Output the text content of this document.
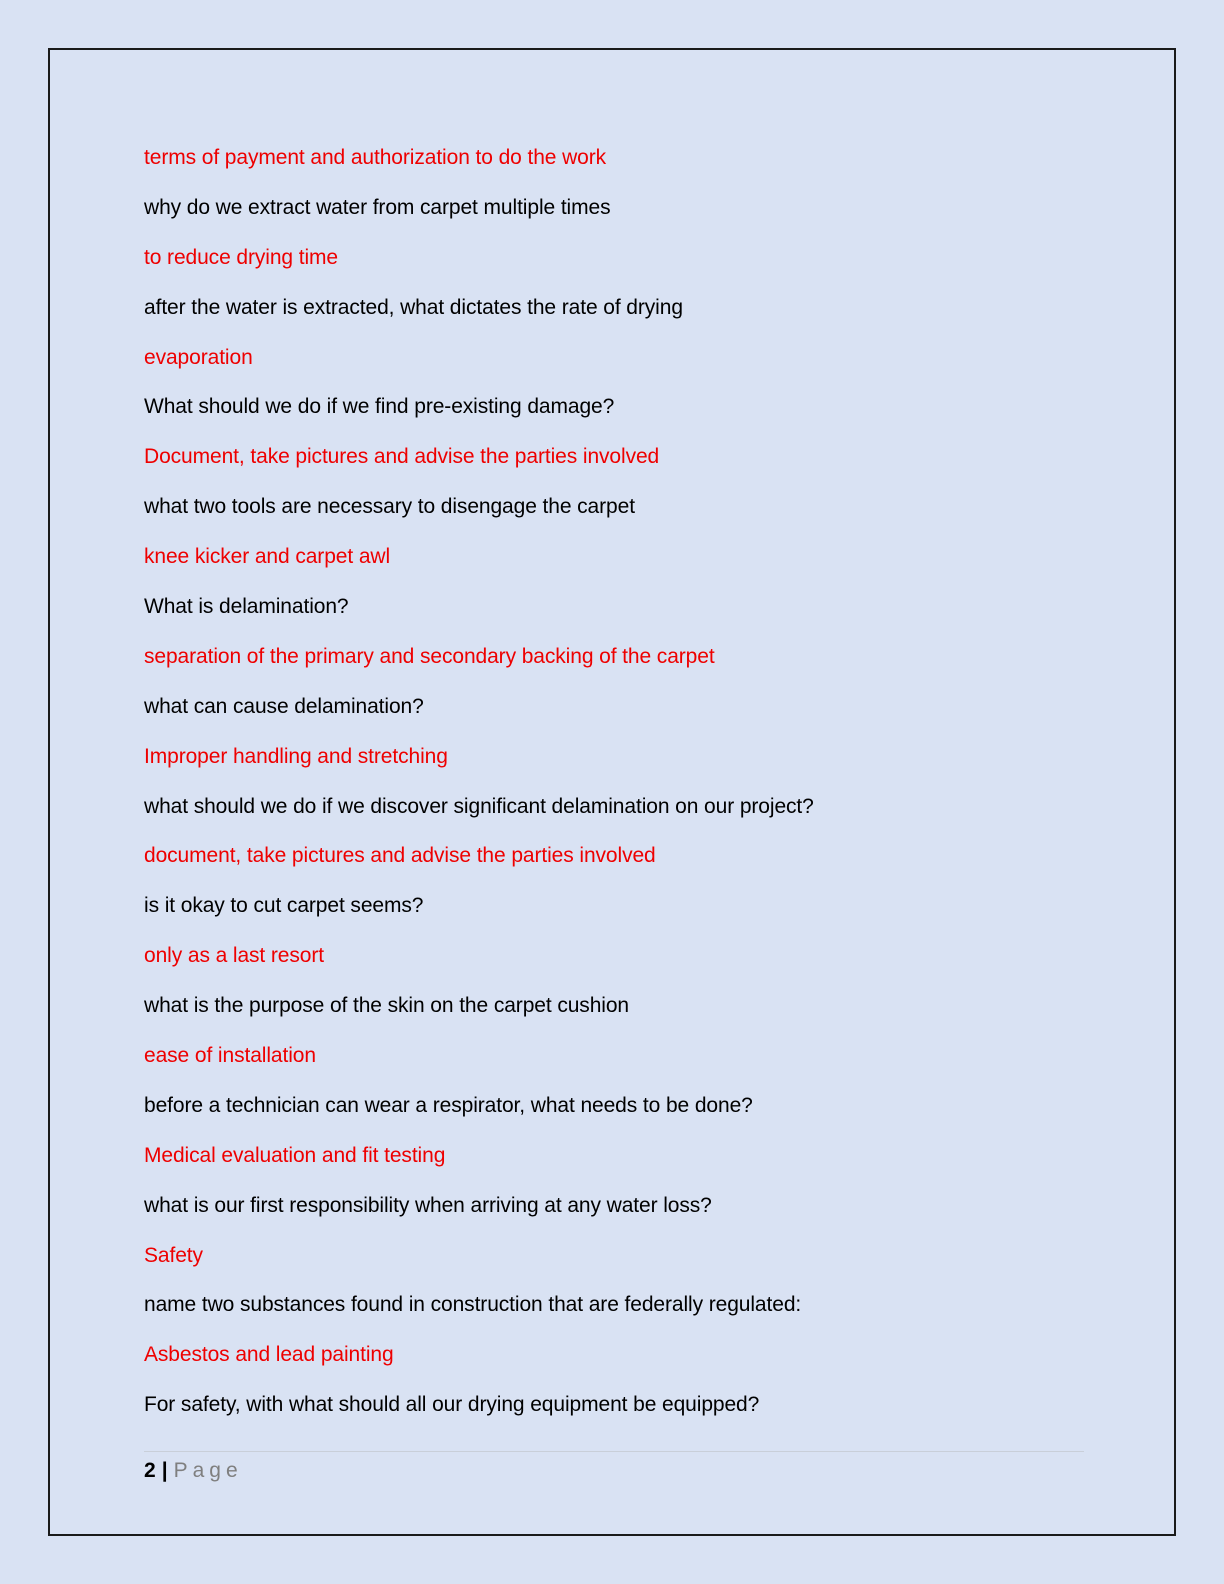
terms of payment and authorization to do the work
why do we extract water from carpet multiple times
to reduce drying time
after the water is extracted, what dictates the rate of drying
evaporation
What should we do if we find pre-existing damage?
Document, take pictures and advise the parties involved
what two tools are necessary to disengage the carpet
knee kicker and carpet awl
What is delamination?
separation of the primary and secondary backing of the carpet
what can cause delamination?
Improper handling and stretching
what should we do if we discover significant delamination on our project?
document, take pictures and advise the parties involved
is it okay to cut carpet seems?
only as a last resort
what is the purpose of the skin on the carpet cushion
ease of installation
before a technician can wear a respirator, what needs to be done?
Medical evaluation and fit testing
what is our first responsibility when arriving at any water loss?
Safety
name two substances found in construction that are federally regulated:
Asbestos and lead painting
For safety, with what should all our drying equipment be equipped?
2 | Page
